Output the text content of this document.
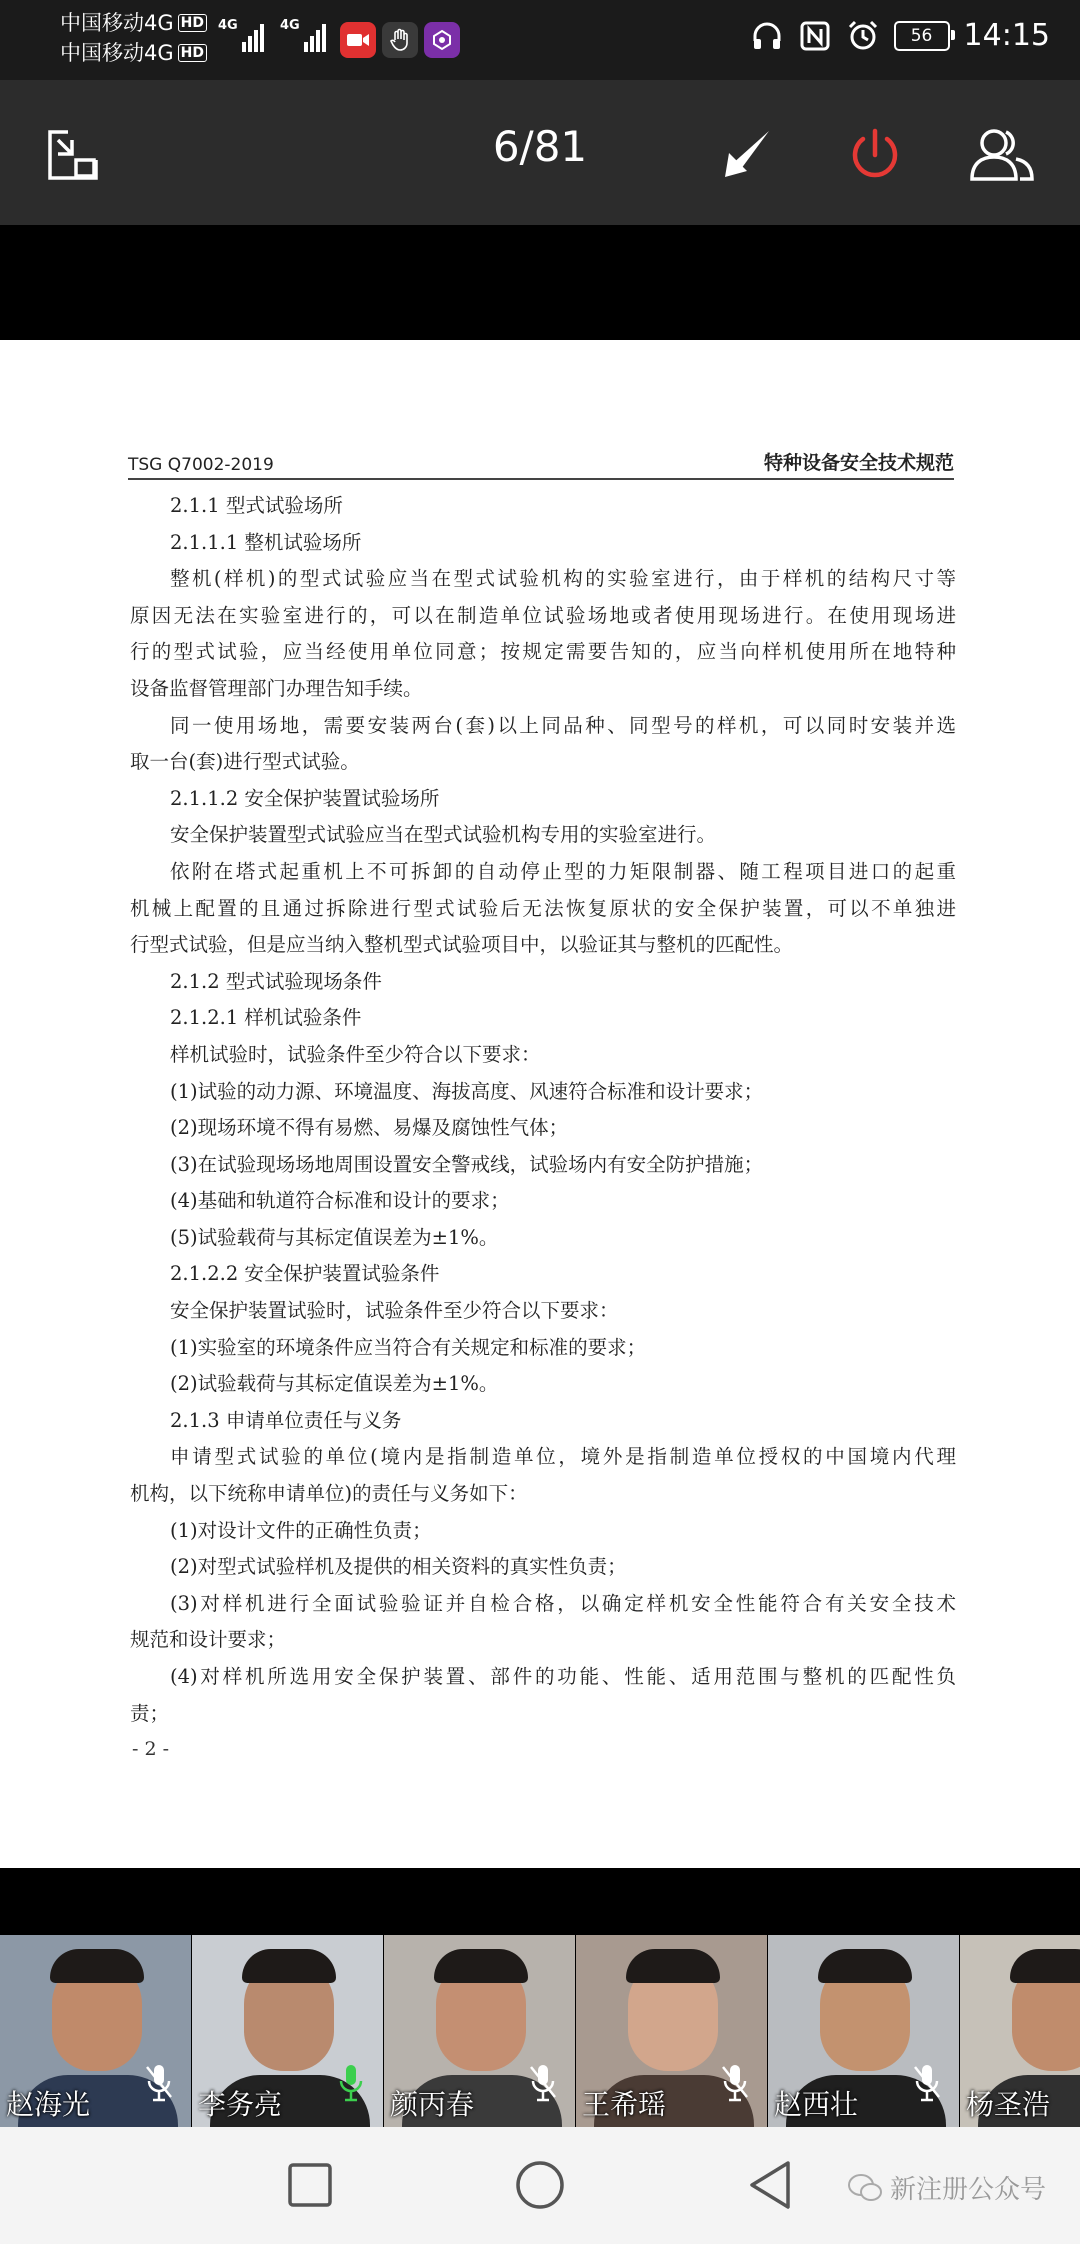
中国移动4G HD
中国移动4G HD
4G	4G	56 14:15
6/81
TSG Q7002-2019	特种设备安全技术规范
2.1.1 型式试验场所
2.1.1.1 整机试验场所
整机(样机)的型式试验应当在型式试验机构的实验室进行，由于样机的结构尺寸等
原因无法在实验室进行的，可以在制造单位试验场地或者使用现场进行。在使用现场进
行的型式试验，应当经使用单位同意；按规定需要告知的，应当向样机使用所在地特种
设备监督管理部门办理告知手续。
同一使用场地，需要安装两台(套)以上同品种、同型号的样机，可以同时安装并选
取一台(套)进行型式试验。
2.1.1.2 安全保护装置试验场所
安全保护装置型式试验应当在型式试验机构专用的实验室进行。
依附在塔式起重机上不可拆卸的自动停止型的力矩限制器、随工程项目进口的起重
机械上配置的且通过拆除进行型式试验后无法恢复原状的安全保护装置，可以不单独进
行型式试验，但是应当纳入整机型式试验项目中，以验证其与整机的匹配性。
2.1.2 型式试验现场条件
2.1.2.1 样机试验条件
样机试验时，试验条件至少符合以下要求：
(1)试验的动力源、环境温度、海拔高度、风速符合标准和设计要求；
(2)现场环境不得有易燃、易爆及腐蚀性气体；
(3)在试验现场场地周围设置安全警戒线，试验场内有安全防护措施；
(4)基础和轨道符合标准和设计的要求；
(5)试验载荷与其标定值误差为±1%。
2.1.2.2 安全保护装置试验条件
安全保护装置试验时，试验条件至少符合以下要求：
(1)实验室的环境条件应当符合有关规定和标准的要求；
(2)试验载荷与其标定值误差为±1%。
2.1.3 申请单位责任与义务
申请型式试验的单位(境内是指制造单位，境外是指制造单位授权的中国境内代理
机构，以下统称申请单位)的责任与义务如下：
(1)对设计文件的正确性负责；
(2)对型式试验样机及提供的相关资料的真实性负责；
(3)对样机进行全面试验验证并自检合格，以确定样机安全性能符合有关安全技术
规范和设计要求；
(4)对样机所选用安全保护装置、部件的功能、性能、适用范围与整机的匹配性负
责；
- 2 -
赵海光	李务亮	颜丙春	王希瑶	赵西壮	杨圣浩
新注册公众号
